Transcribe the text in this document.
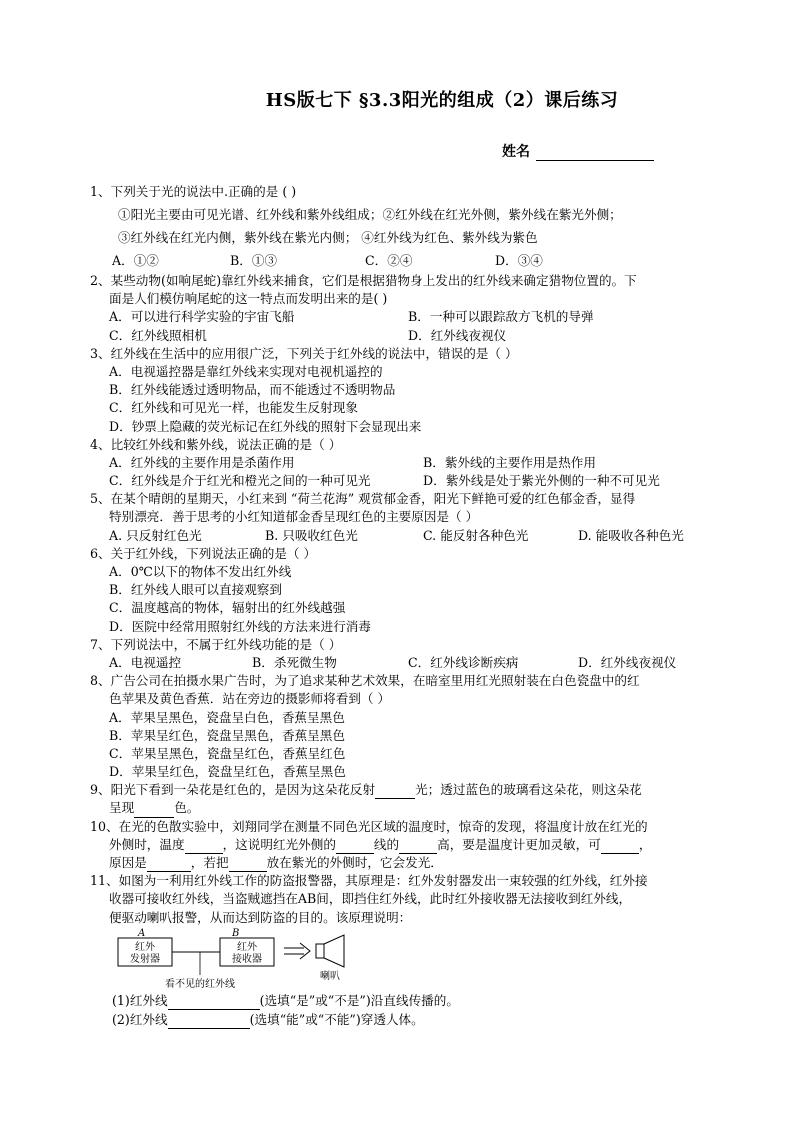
HS版七下 §3.3阳光的组成（2）课后练习
姓名
1、下列关于光的说法中.正确的是 ( )
①阳光主要由可见光谱、红外线和紫外线组成；②红外线在红光外侧，紫外线在紫光外侧；
③红外线在红光内侧，紫外线在紫光内侧； ④红外线为红色、紫外线为紫色
A．①②	B．①③	C．②④	D．③④
2、某些动物(如响尾蛇)靠红外线来捕食，它们是根据猎物身上发出的红外线来确定猎物位置的。下
面是人们模仿响尾蛇的这一特点而发明出来的是( )
A．可以进行科学实验的宇宙飞船	B．一种可以跟踪敌方飞机的导弹
C．红外线照相机	D．红外线夜视仪
3、红外线在生活中的应用很广泛，下列关于红外线的说法中，错误的是（ ）
A．电视遥控器是靠红外线来实现对电视机遥控的
B．红外线能透过透明物品，而不能透过不透明物品
C．红外线和可见光一样，也能发生反射现象
D．钞票上隐藏的荧光标记在红外线的照射下会显现出来
4、比较红外线和紫外线，说法正确的是（ ）
A．红外线的主要作用是杀菌作用	B．紫外线的主要作用是热作用
C．红外线是介于红光和橙光之间的一种可见光	D．紫外线是处于紫光外侧的一种不可见光
5、在某个晴朗的星期天，小红来到 “荷兰花海” 观赏郁金香，阳光下鲜艳可爱的红色郁金香，显得
特别漂亮．善于思考的小红知道郁金香呈现红色的主要原因是（ ）
A. 只反射红色光	B. 只吸收红色光	C. 能反射各种色光	D. 能吸收各种色光
6、关于红外线，下列说法正确的是（ ）
A．0℃以下的物体不发出红外线
B．红外线人眼可以直接观察到
C．温度越高的物体，辐射出的红外线越强
D．医院中经常用照射红外线的方法来进行消毒
7、下列说法中，不属于红外线功能的是（ ）
A．电视遥控	B．杀死微生物	C．红外线诊断疾病	D．红外线夜视仪
8、广告公司在拍摄水果广告时，为了追求某种艺术效果，在暗室里用红光照射装在白色瓷盘中的红
色苹果及黄色香蕉．站在旁边的摄影师将看到（ ）
A．苹果呈黑色，瓷盘呈白色，香蕉呈黑色
B．苹果呈红色，瓷盘呈黑色，香蕉呈黑色
C．苹果呈黑色，瓷盘呈红色，香蕉呈红色
D．苹果呈红色，瓷盘呈红色，香蕉呈黑色
9、阳光下看到一朵花是红色的，是因为这朵花反射	光；透过蓝色的玻璃看这朵花，则这朵花
呈现	色。
10、在光的色散实验中，刘翔同学在测量不同色光区域的温度时，惊奇的发现，将温度计放在红光的
外侧时，温度	，这说明红光外侧的	线的	高，要是温度计更加灵敏，可	，
原因是	，若把	放在紫光的外侧时，它会发光．
11、如图为一利用红外线工作的防盗报警器，其原理是：红外发射器发出一束较强的红外线，红外接
收器可接收红外线，当盗贼遮挡在AB间，即挡住红外线，此时红外接收器无法接收到红外线，
便驱动喇叭报警，从而达到防盗的目的。该原理说明：
A	B
红外
发射器
红外
接收器
喇叭
看不见的红外线
(1)红外线	(选填“是”或“不是”)沿直线传播的。
(2)红外线	(选填“能”或“不能”)穿透人体。
